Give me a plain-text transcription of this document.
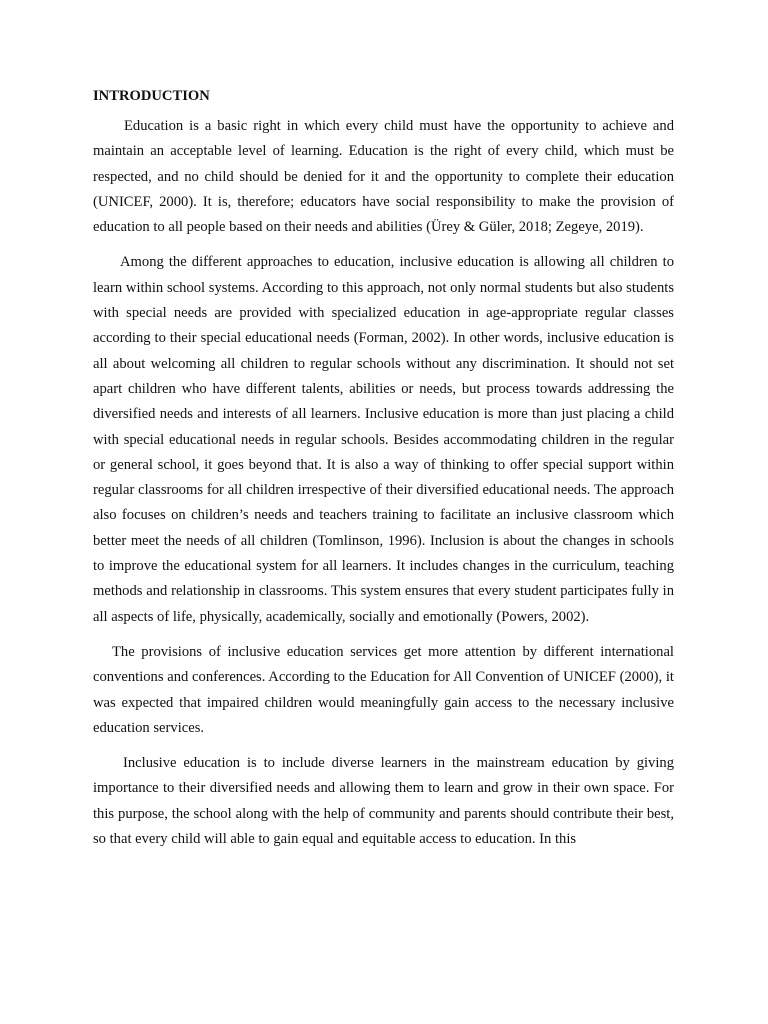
INTRODUCTION

Education is a basic right in which every child must have the opportunity to achieve and maintain an acceptable level of learning. Education is the right of every child, which must be respected, and no child should be denied for it and the opportunity to complete their education (UNICEF, 2000). It is, therefore; educators have social responsibility to make the provision of education to all people based on their needs and abilities (Ürey & Güler, 2018; Zegeye, 2019).

Among the different approaches to education, inclusive education is allowing all children to learn within school systems. According to this approach, not only normal students but also students with special needs are provided with specialized education in age-appropriate regular classes according to their special educational needs (Forman, 2002). In other words, inclusive education is all about welcoming all children to regular schools without any discrimination. It should not set apart children who have different talents, abilities or needs, but process towards addressing the diversified needs and interests of all learners. Inclusive education is more than just placing a child with special educational needs in regular schools. Besides accommodating children in the regular or general school, it goes beyond that. It is also a way of thinking to offer special support within regular classrooms for all children irrespective of their diversified educational needs. The approach also focuses on children’s needs and teachers training to facilitate an inclusive classroom which better meet the needs of all children (Tomlinson, 1996). Inclusion is about the changes in schools to improve the educational system for all learners. It includes changes in the curriculum, teaching methods and relationship in classrooms. This system ensures that every student participates fully in all aspects of life, physically, academically, socially and emotionally (Powers, 2002).

The provisions of inclusive education services get more attention by different international conventions and conferences. According to the Education for All Convention of UNICEF (2000), it was expected that impaired children would meaningfully gain access to the necessary inclusive education services.

Inclusive education is to include diverse learners in the mainstream education by giving importance to their diversified needs and allowing them to learn and grow in their own space. For this purpose, the school along with the help of community and parents should contribute their best, so that every child will able to gain equal and equitable access to education. In this
